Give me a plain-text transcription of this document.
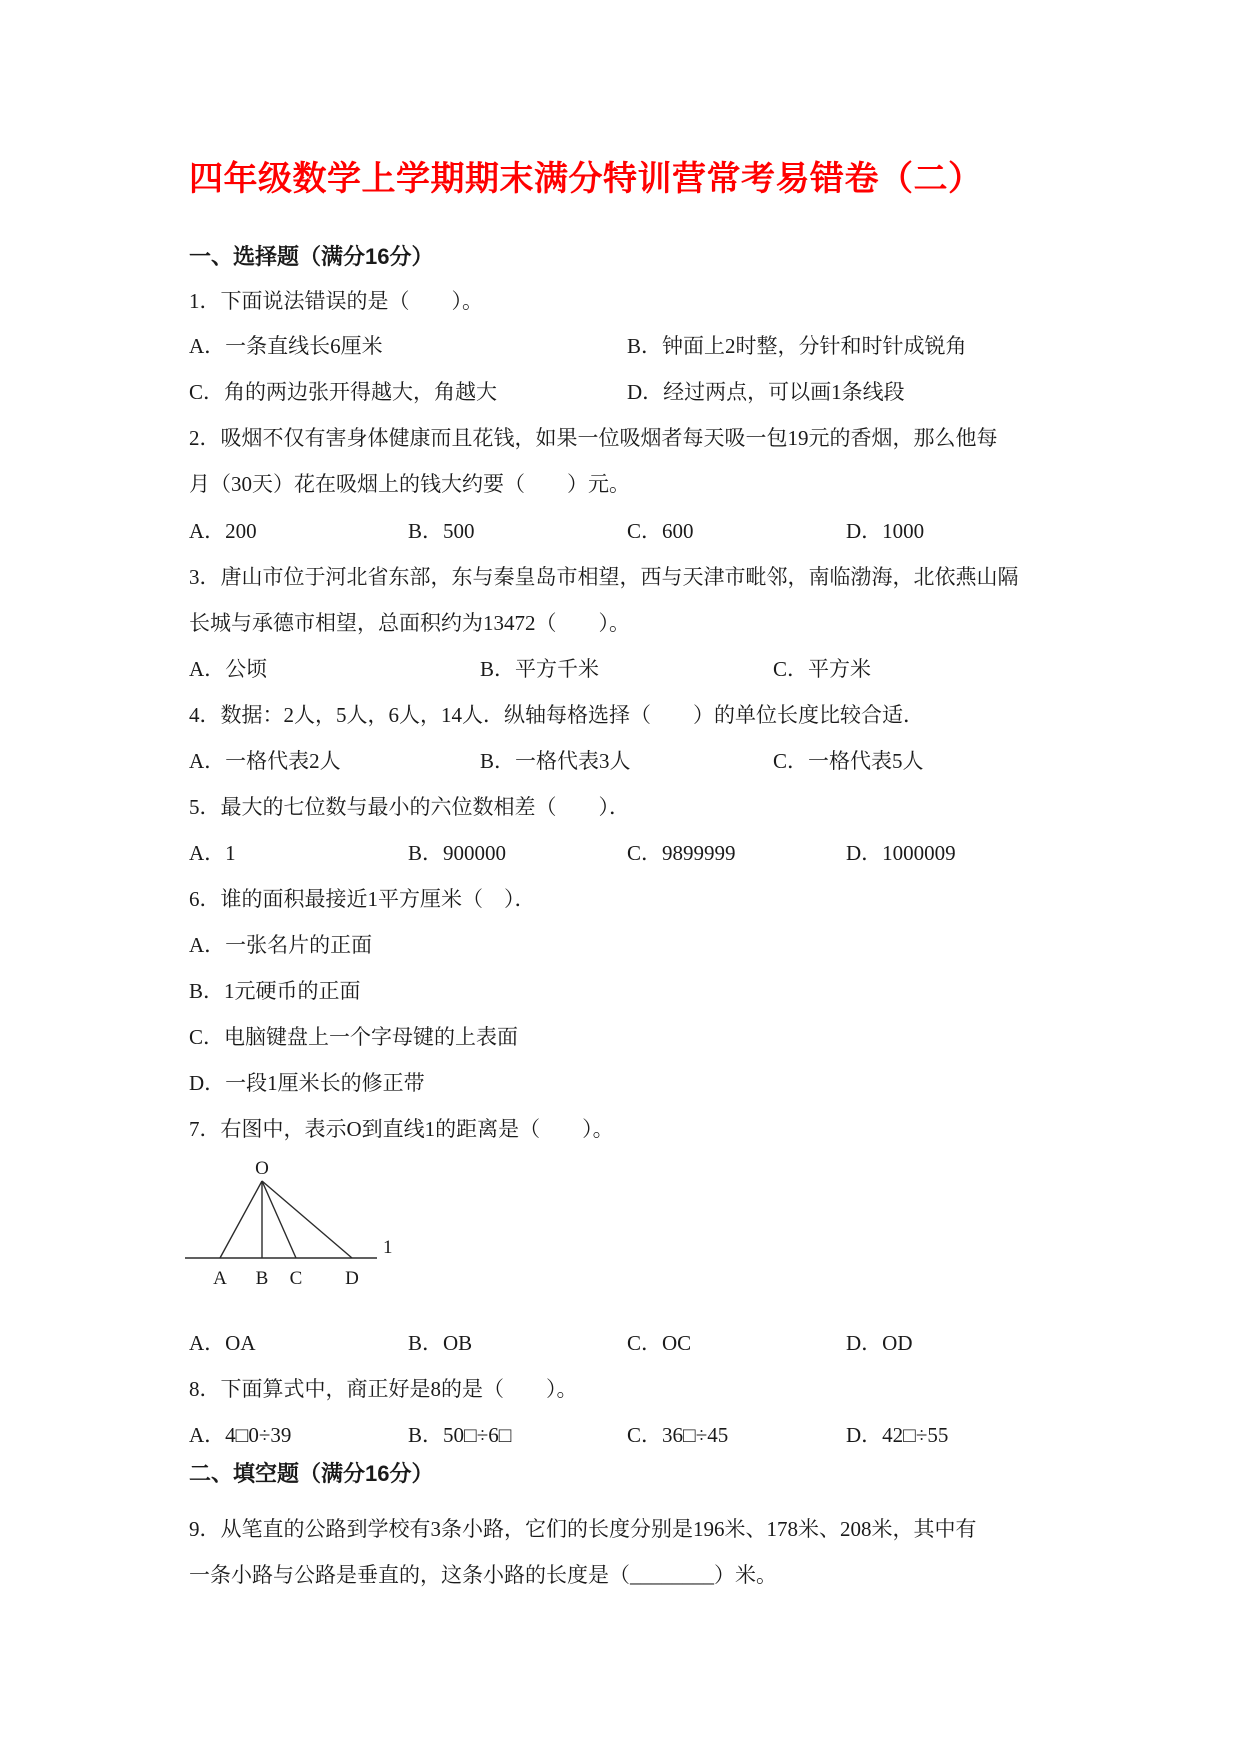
四年级数学上学期期末满分特训营常考易错卷（二）
一、选择题（满分16分）
1．下面说法错误的是（　　）。

A．一条直线长6厘米

	B．钟面上2时整，分针和时针成锐角

C．角的两边张开得越大，角越大

	D．经过两点，可以画1条线段

2．吸烟不仅有害身体健康而且花钱，如果一位吸烟者每天吸一包19元的香烟，那么他每
月（30天）花在吸烟上的钱大约要（　　）元。

A．200

	B．500

	C．600

	D．1000

3．唐山市位于河北省东部，东与秦皇岛市相望，西与天津市毗邻，南临渤海，北依燕山隔
长城与承德市相望，总面积约为13472（　　）。

A．公顷

	B．平方千米

	C．平方米

4．数据：2人，5人，6人，14人．纵轴每格选择（　　）的单位长度比较合适．

A．一格代表2人

	B．一格代表3人

	C．一格代表5人

5．最大的七位数与最小的六位数相差（　　）．

A．1

	B．900000

	C．9899999

	D．1000009

6．谁的面积最接近1平方厘米（　）．
A．一张名片的正面
B．1元硬币的正面
C．电脑键盘上一个字母键的上表面
D．一段1厘米长的修正带
7．右图中，表示O到直线1的距离是（　　）。
O
1
A B C D

A．OA

	B．OB

	C．OC

	D．OD

8．下面算式中，商正好是8的是（　　）。

A．4□0÷39

	B．50□÷6□

	C．36□÷45

	D．42□÷55

二、填空题（满分16分）
9．从笔直的公路到学校有3条小路，它们的长度分别是196米、178米、208米，其中有
一条小路与公路是垂直的，这条小路的长度是（________）米。
